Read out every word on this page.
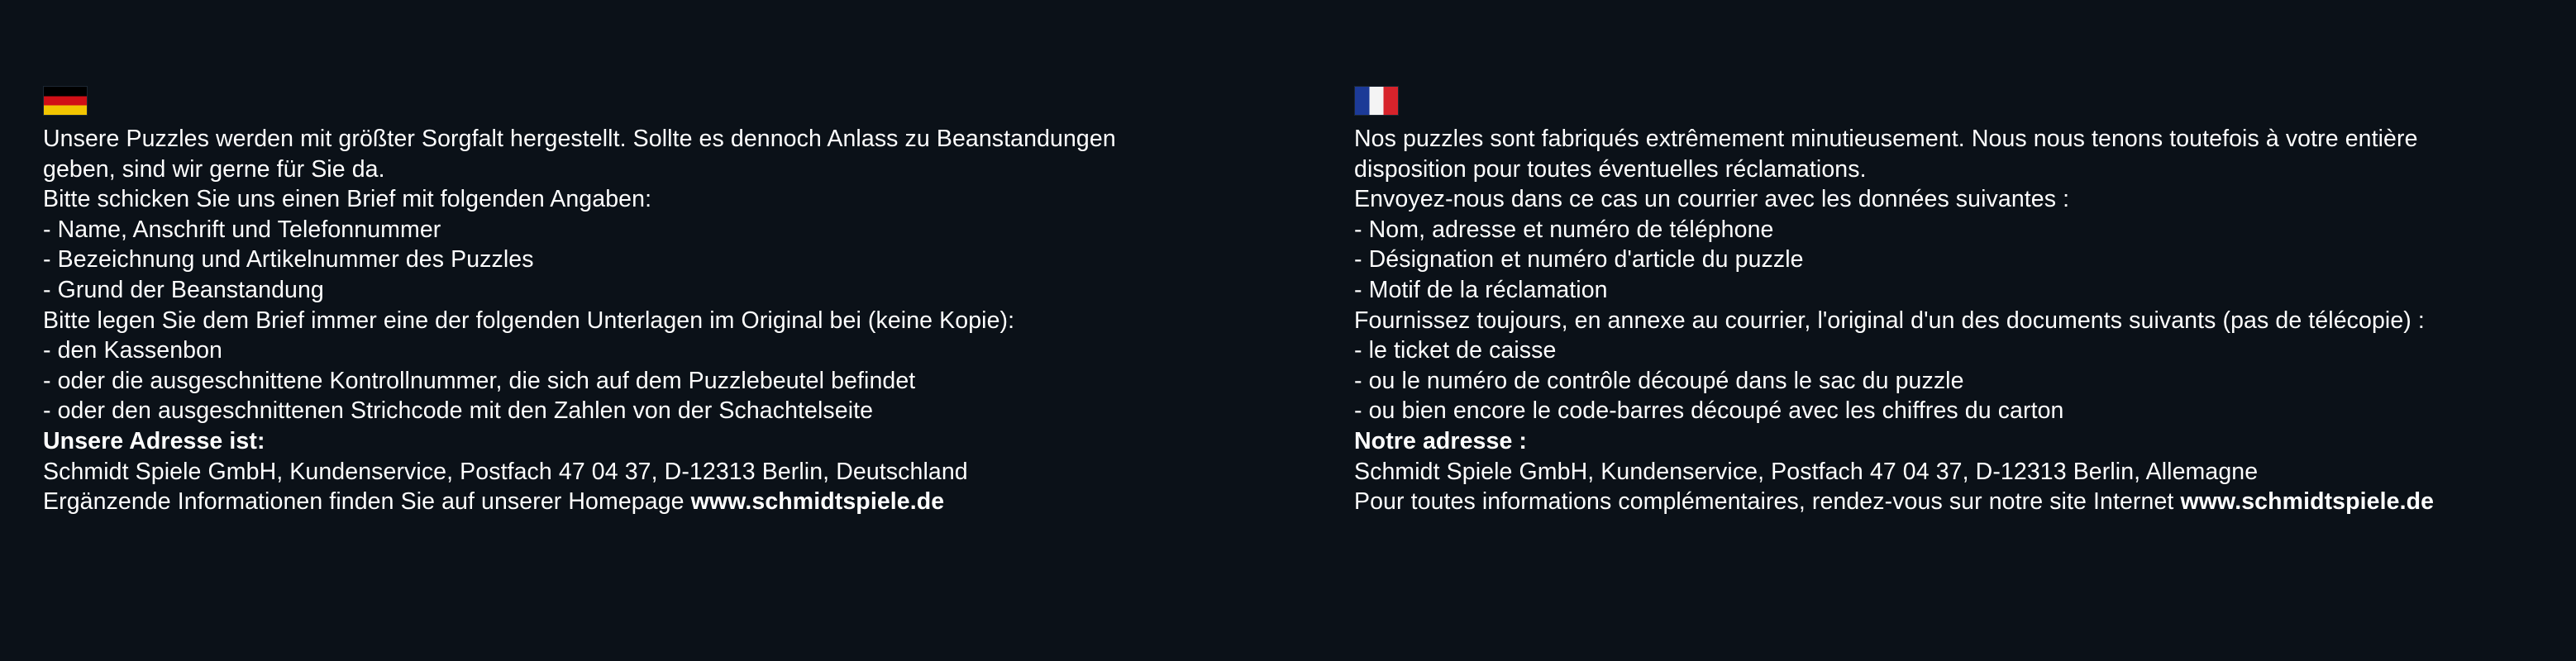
Unsere Puzzles werden mit größter Sorgfalt hergestellt. Sollte es dennoch Anlass zu Beanstandungen
geben, sind wir gerne für Sie da.
Bitte schicken Sie uns einen Brief mit folgenden Angaben:
- Name, Anschrift und Telefonnummer
- Bezeichnung und Artikelnummer des Puzzles
- Grund der Beanstandung
Bitte legen Sie dem Brief immer eine der folgenden Unterlagen im Original bei (keine Kopie):
- den Kassenbon
- oder die ausgeschnittene Kontrollnummer, die sich auf dem Puzzlebeutel befindet
- oder den ausgeschnittenen Strichcode mit den Zahlen von der Schachtelseite
Unsere Adresse ist:
Schmidt Spiele GmbH, Kundenservice, Postfach 47 04 37, D-12313 Berlin, Deutschland
Ergänzende Informationen finden Sie auf unserer Homepage www.schmidtspiele.de
Nos puzzles sont fabriqués extrêmement minutieusement. Nous nous tenons toutefois à votre entière
disposition pour toutes éventuelles réclamations.
Envoyez-nous dans ce cas un courrier avec les données suivantes :
- Nom, adresse et numéro de téléphone
- Désignation et numéro d'article du puzzle
- Motif de la réclamation
Fournissez toujours, en annexe au courrier, l'original d'un des documents suivants (pas de télécopie) :
- le ticket de caisse
- ou le numéro de contrôle découpé dans le sac du puzzle
- ou bien encore le code-barres découpé avec les chiffres du carton
Notre adresse :
Schmidt Spiele GmbH, Kundenservice, Postfach 47 04 37, D-12313 Berlin, Allemagne
Pour toutes informations complémentaires, rendez-vous sur notre site Internet www.schmidtspiele.de
